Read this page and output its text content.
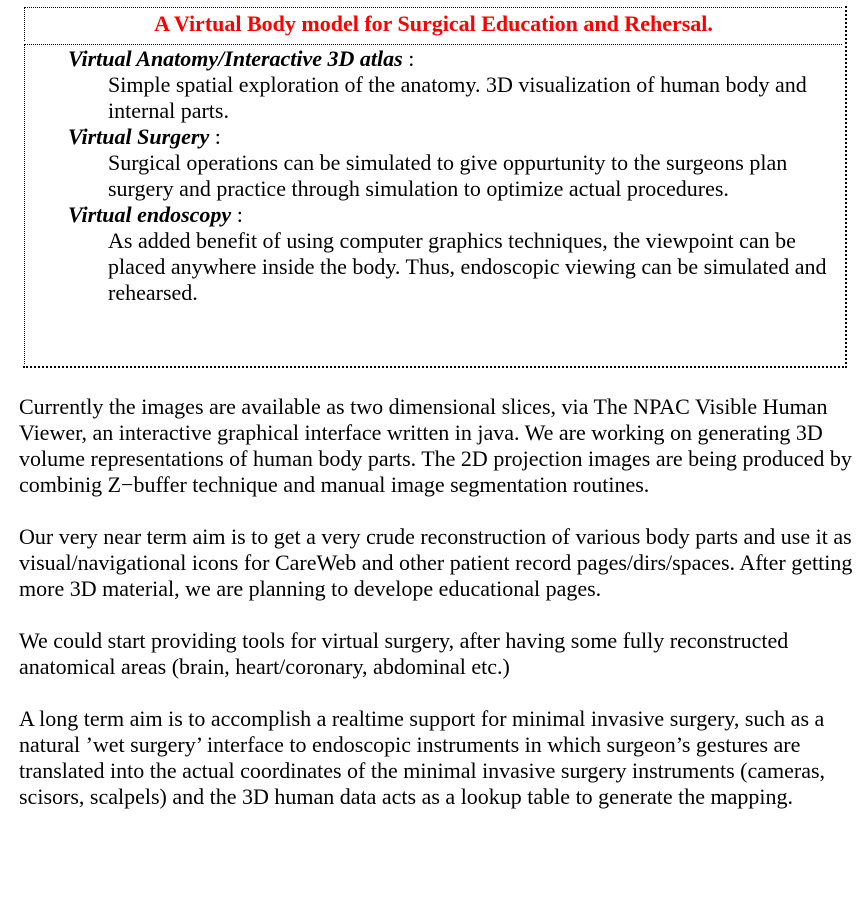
A Virtual Body model for Surgical Education and Rehersal.
Virtual Anatomy/Interactive 3D atlas :
Simple spatial exploration of the anatomy. 3D visualization of human body and internal parts.
Virtual Surgery :
Surgical operations can be simulated to give oppurtunity to the surgeons plan surgery and practice through simulation to optimize actual procedures.
Virtual endoscopy :
As added benefit of using computer graphics techniques, the viewpoint can be placed anywhere inside the body. Thus, endoscopic viewing can be simulated and rehearsed.

Currently the images are available as two dimensional slices, via The NPAC Visible Human Viewer, an interactive graphical interface written in java. We are working on generating 3D volume representations of human body parts. The 2D projection images are being produced by combinig Z−buffer technique and manual image segmentation routines.

Our very near term aim is to get a very crude reconstruction of various body parts and use it as visual/navigational icons for CareWeb and other patient record pages/dirs/spaces. After getting more 3D material, we are planning to develope educational pages.

We could start providing tools for virtual surgery, after having some fully reconstructed anatomical areas (brain, heart/coronary, abdominal etc.)

A long term aim is to accomplish a realtime support for minimal invasive surgery, such as a natural ’wet surgery’ interface to endoscopic instruments in which surgeon’s gestures are translated into the actual coordinates of the minimal invasive surgery instruments (cameras, scisors, scalpels) and the 3D human data acts as a lookup table to generate the mapping.
